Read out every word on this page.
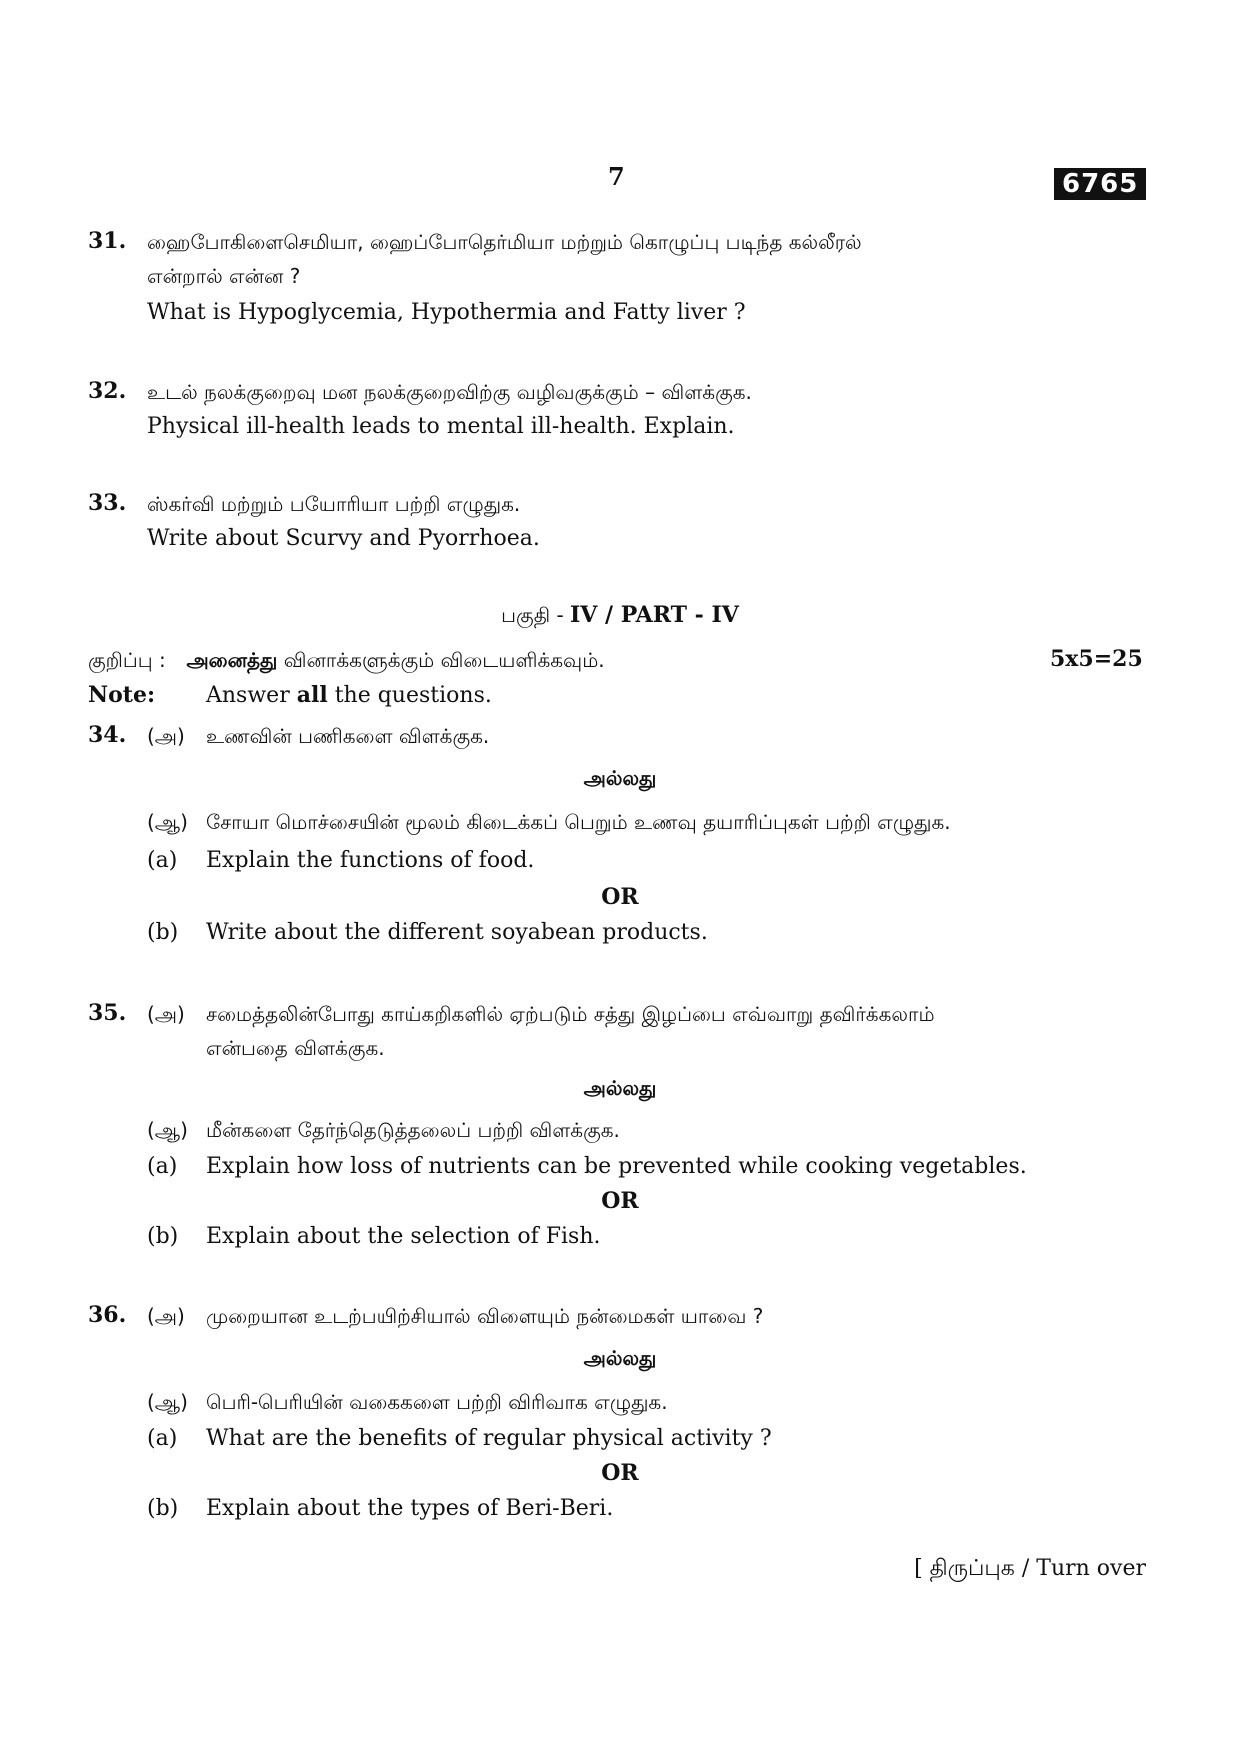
7	6765
31. ஹைபோகிளைசெமியா, ஹைப்போதெர்மியா மற்றும் கொழுப்பு படிந்த கல்லீரல்
என்றால் என்ன ?
What is Hypoglycemia, Hypothermia and Fatty liver ?
32. உடல் நலக்குறைவு மன நலக்குறைவிற்கு வழிவகுக்கும் – விளக்குக.
Physical ill-health leads to mental ill-health. Explain.
33. ஸ்கர்வி மற்றும் பயோரியா பற்றி எழுதுக.
Write about Scurvy and Pyorrhoea.
பகுதி - IV / PART - IV
குறிப்பு : அனைத்து வினாக்களுக்கும் விடையளிக்கவும்.	5x5=25
Note: Answer all the questions.
34. (அ) உணவின் பணிகளை விளக்குக.
அல்லது
(ஆ) சோயா மொச்சையின் மூலம் கிடைக்கப் பெறும் உணவு தயாரிப்புகள் பற்றி எழுதுக.
(a) Explain the functions of food.
OR
(b) Write about the different soyabean products.
35. (அ) சமைத்தலின்போது காய்கறிகளில் ஏற்படும் சத்து இழப்பை எவ்வாறு தவிர்க்கலாம்
என்பதை விளக்குக.
அல்லது
(ஆ) மீன்களை தேர்ந்தெடுத்தலைப் பற்றி விளக்குக.
(a) Explain how loss of nutrients can be prevented while cooking vegetables.
OR
(b) Explain about the selection of Fish.
36. (அ) முறையான உடற்பயிற்சியால் விளையும் நன்மைகள் யாவை ?
அல்லது
(ஆ) பெரி-பெரியின் வகைகளை பற்றி விரிவாக எழுதுக.
(a) What are the benefits of regular physical activity ?
OR
(b) Explain about the types of Beri-Beri.
[ திருப்புக / Turn over
